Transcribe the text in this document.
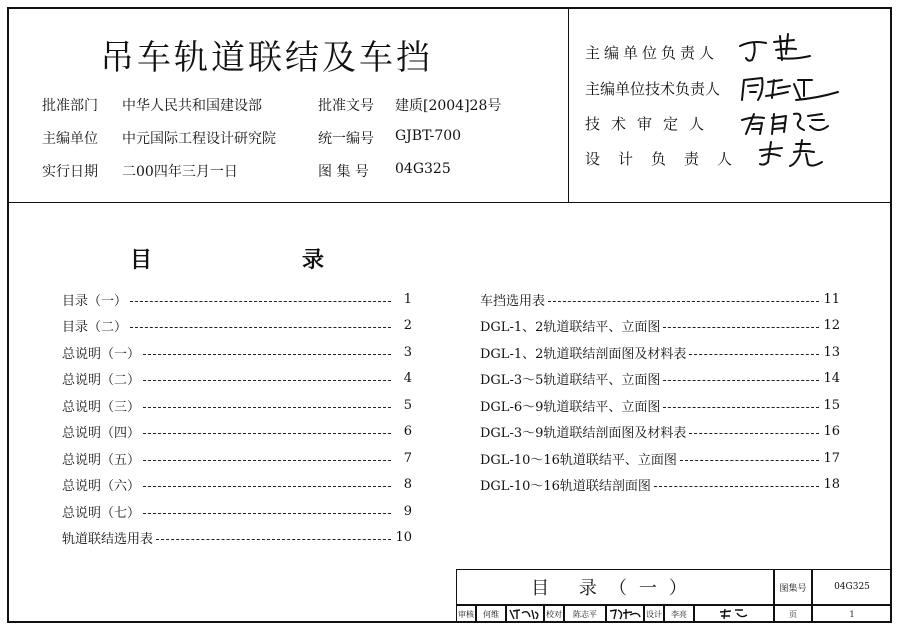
吊车轨道联结及车挡
批准部门 中华人民共和国建设部	批准文号 建质[2004]28号
主编单位 中元国际工程设计研究院	统一编号 GJBT-700
实行日期 二00四年三月一日	图 集 号 04G325
主编单位负责人
主编单位技术负责人
技术审定人
设计负责人
目	录
目录（一）	1
目录（二）	2
总说明（一）	3
总说明（二）	4
总说明（三）	5
总说明（四）	6
总说明（五）	7
总说明（六）	8
总说明（七）	9
轨道联结选用表	10
车挡选用表	11
DGL-1、2轨道联结平、立面图	12
DGL-1、2轨道联结剖面图及材料表	13
DGL-3～5轨道联结平、立面图	14
DGL-6～9轨道联结平、立面图	15
DGL-3～9轨道联结剖面图及材料表	16
DGL-10～16轨道联结平、立面图	17
DGL-10～16轨道联结剖面图	18
目 录（一）	图集号	04G325
审核 何维	校对 陈志平	设计 李亮	页	1
